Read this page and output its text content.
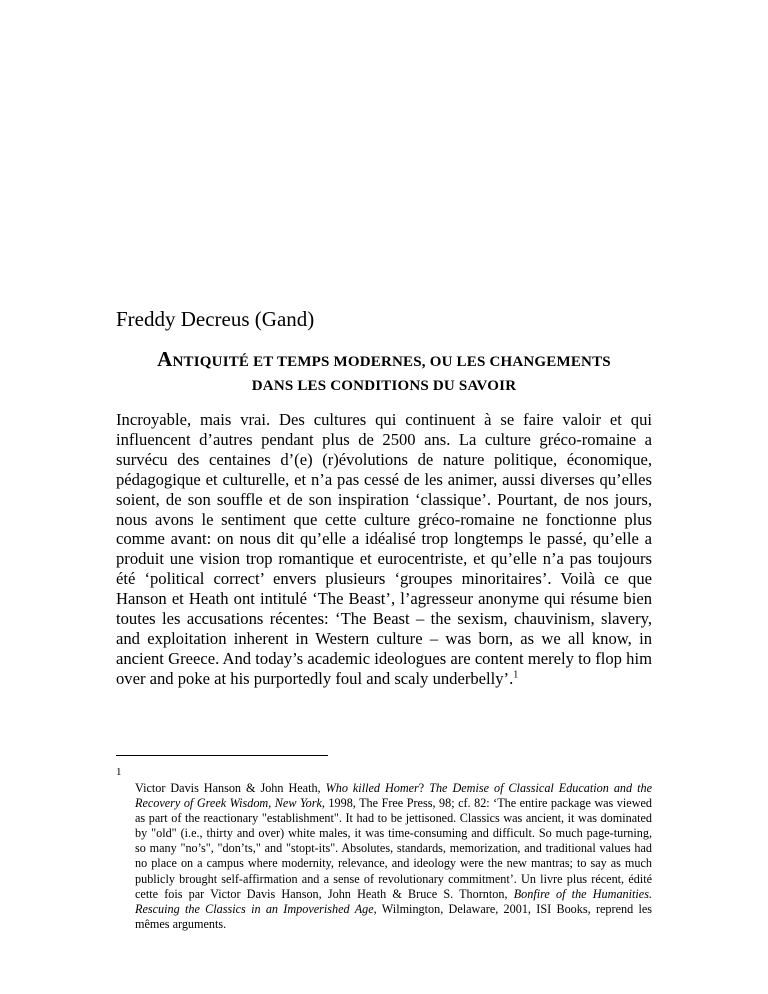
Freddy Decreus (Gand)
ANTIQUITÉ ET TEMPS MODERNES, OU LES CHANGEMENTS
DANS LES CONDITIONS DU SAVOIR

Incroyable, mais vrai. Des cultures qui continuent à se faire valoir et qui influencent d’autres pendant plus de 2500 ans. La culture gréco-romaine a survécu des centaines d’(e) (r)évolutions de nature politique, économique, pédagogique et culturelle, et n’a pas cessé de les animer, aussi diverses qu’elles soient, de son souffle et de son inspiration ‘classique’. Pourtant, de nos jours, nous avons le sentiment que cette culture gréco-romaine ne fonctionne plus comme avant: on nous dit qu’elle a idéalisé trop longtemps le passé, qu’elle a produit une vision trop romantique et eurocentriste, et qu’elle n’a pas toujours été ‘political correct’ envers plusieurs ‘groupes minoritaires’. Voilà ce que Hanson et Heath ont intitulé ‘The Beast’, l’agresseur anonyme qui résume bien toutes les accusations récentes: ‘The Beast – the sexism, chauvinism, slavery, and exploitation inherent in Western culture – was born, as we all know, in ancient Greece. And today’s academic ideologues are content merely to flop him over and poke at his purportedly foul and scaly underbelly’.$^1$

1

Victor Davis Hanson & John Heath, Who killed Homer? The Demise of Classical Education and the Recovery of Greek Wisdom, New York, 1998, The Free Press, 98; cf. 82: ‘The entire package was viewed as part of the reactionary "establishment". It had to be jettisoned. Classics was ancient, it was dominated by "old" (i.e., thirty and over) white males, it was time-consuming and difficult. So much page-turning, so many "no’s", "don’ts," and "stopt-its". Absolutes, standards, memorization, and traditional values had no place on a campus where modernity, relevance, and ideology were the new mantras; to say as much publicly brought self-affirmation and a sense of revolutionary commitment’. Un livre plus récent, édité cette fois par Victor Davis Hanson, John Heath & Bruce S. Thornton, Bonfire of the Humanities. Rescuing the Classics in an Impoverished Age, Wilmington, Delaware, 2001, ISI Books, reprend les mêmes arguments.
